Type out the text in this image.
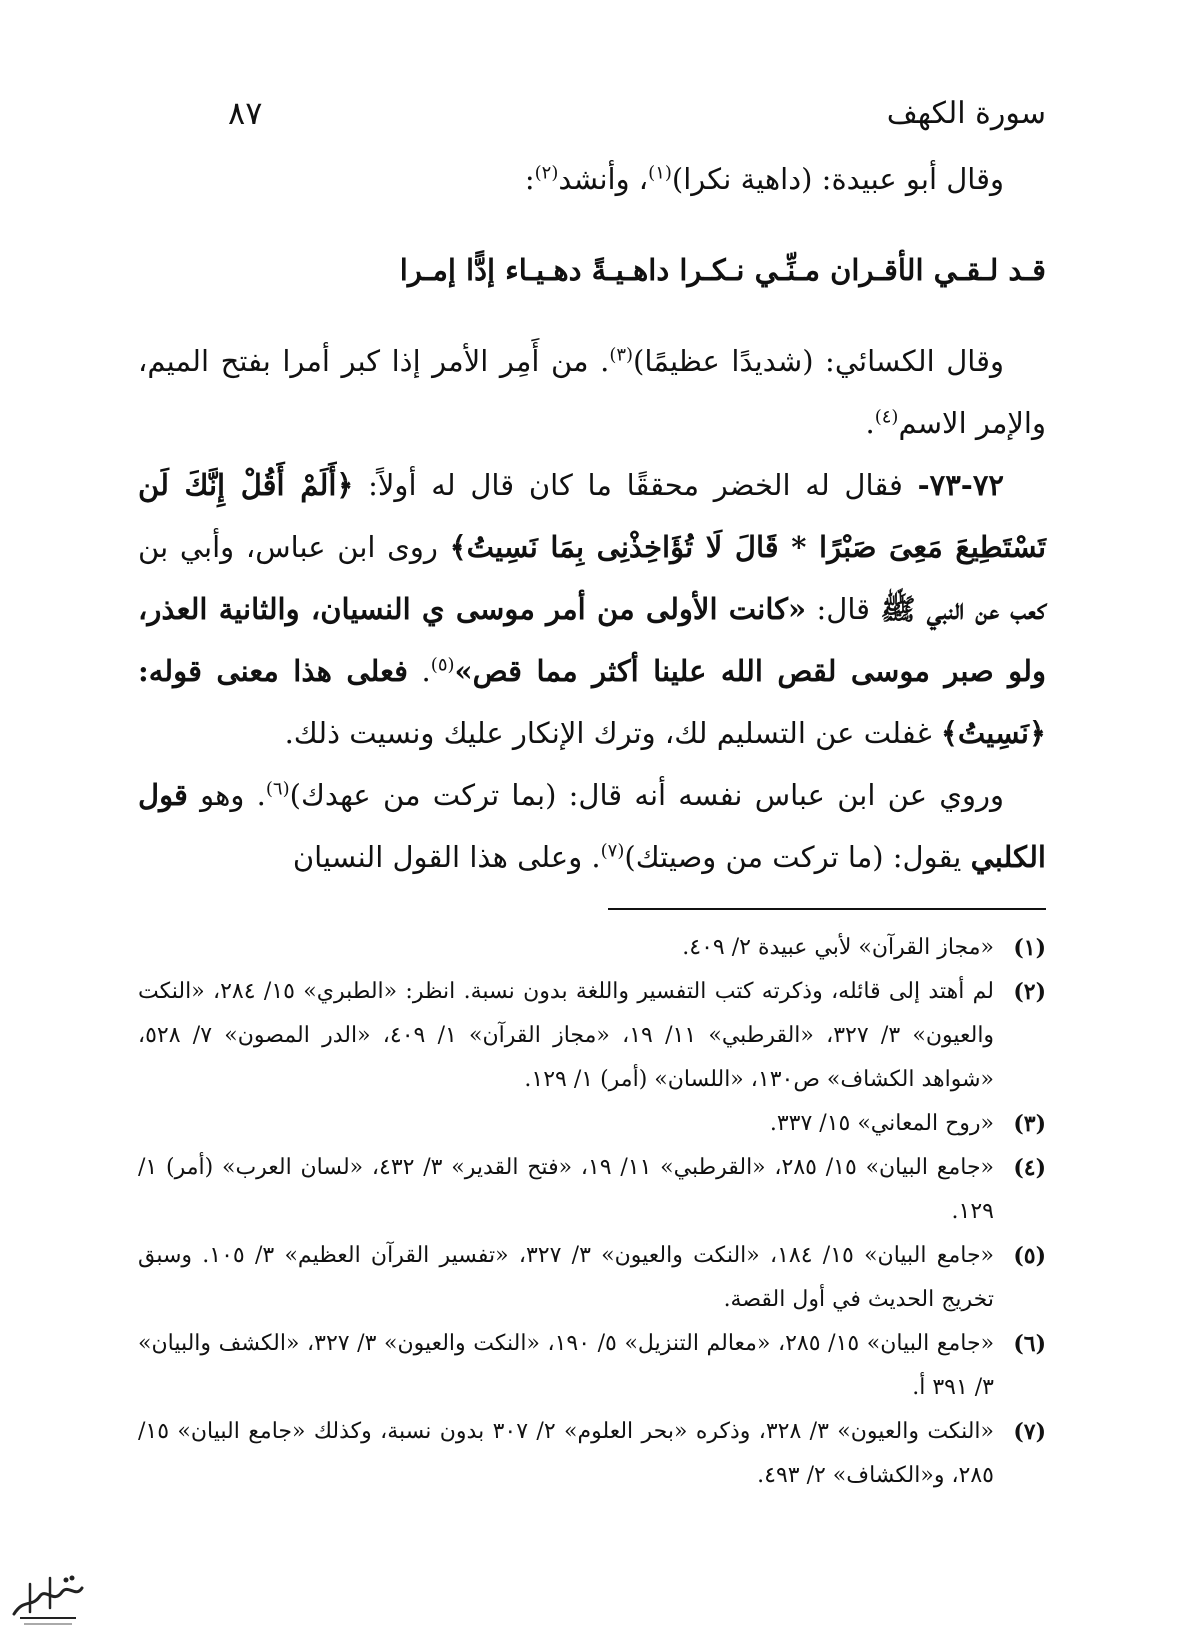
سورة الكهف
٨٧

وقال أبو عبيدة: (داهية نكرا)$^{(١)}$، وأنشد$^{(٢)}$:

قـد لـقـي الأقـران مـنِّـي نـكـرا داهـيـةً دهـيـاء إدًّا إمـرا

وقال الكسائي: (شديدًا عظيمًا)$^{(٣)}$. من أَمِر الأمر إذا كبر أمرا بفتح الميم، والإمر الاسم$^{(٤)}$.

٧٢-٧٣- فقال له الخضر محققًا ما كان قال له أولاً: ﴿أَلَمْ أَقُلْ إِنَّكَ لَن تَسْتَطِيعَ مَعِىَ صَبْرًا * قَالَ لَا تُؤَاخِذْنِى بِمَا نَسِيتُ﴾ روى ابن عباس، وأبي بن كعب عن النبي ﷺ قال: «كانت الأولى من أمر موسى ي النسيان، والثانية العذر، ولو صبر موسى لقص الله علينا أكثر مما قص»$^{(٥)}$. فعلى هذا معنى قوله: ﴿نَسِيتُ﴾ غفلت عن التسليم لك، وترك الإنكار عليك ونسيت ذلك.

وروي عن ابن عباس نفسه أنه قال: (بما تركت من عهدك)$^{(٦)}$. وهو قول الكلبي يقول: (ما تركت من وصيتك)$^{(٧)}$. وعلى هذا القول النسيان

(١)
«مجاز القرآن» لأبي عبيدة ٢/ ٤٠٩.
(٢)
لم أهتد إلى قائله، وذكرته كتب التفسير واللغة بدون نسبة. انظر: «الطبري» ١٥/ ٢٨٤، «النكت والعيون» ٣/ ٣٢٧، «القرطبي» ١١/ ١٩، «مجاز القرآن» ١/ ٤٠٩، «الدر المصون» ٧/ ٥٢٨، «شواهد الكشاف» ص١٣٠، «اللسان» (أمر) ١/ ١٢٩.
(٣)
«روح المعاني» ١٥/ ٣٣٧.
(٤)
«جامع البيان» ١٥/ ٢٨٥، «القرطبي» ١١/ ١٩، «فتح القدير» ٣/ ٤٣٢، «لسان العرب» (أمر) ١/ ١٢٩.
(٥)
«جامع البيان» ١٥/ ١٨٤، «النكت والعيون» ٣/ ٣٢٧، «تفسير القرآن العظيم» ٣/ ١٠٥. وسبق تخريج الحديث في أول القصة.
(٦)
«جامع البيان» ١٥/ ٢٨٥، «معالم التنزيل» ٥/ ١٩٠، «النكت والعيون» ٣/ ٣٢٧، «الكشف والبيان» ٣/ ٣٩١ أ.
(٧)
«النكت والعيون» ٣/ ٣٢٨، وذكره «بحر العلوم» ٢/ ٣٠٧ بدون نسبة، وكذلك «جامع البيان» ١٥/ ٢٨٥، و«الكشاف» ٢/ ٤٩٣.
